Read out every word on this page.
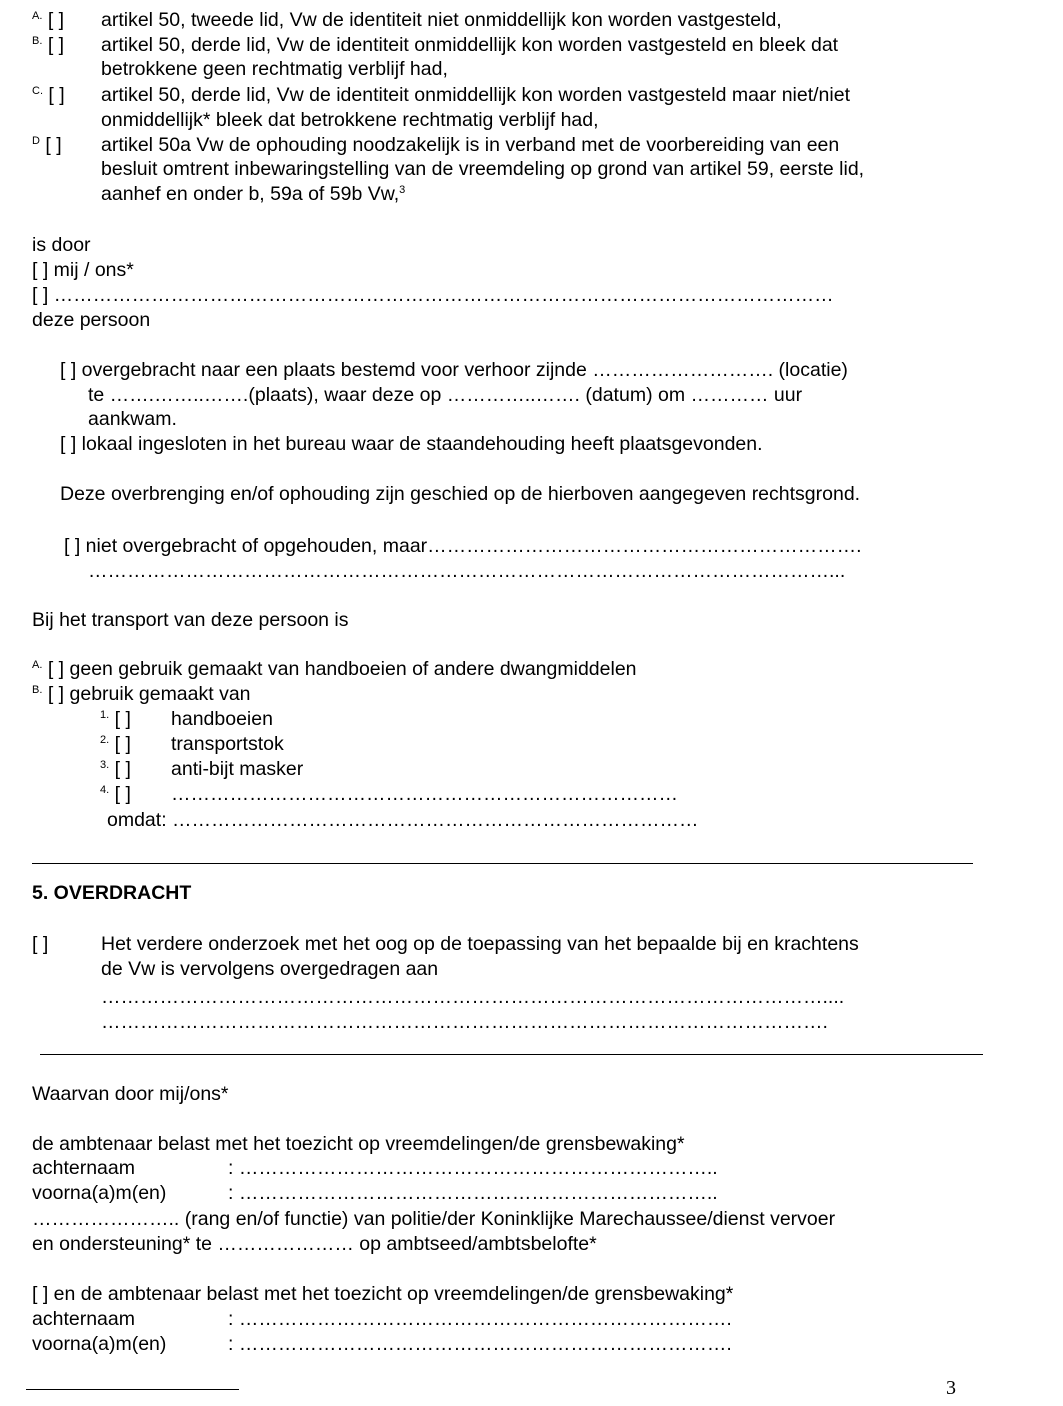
$^{A.}$ [ ] artikel 50, tweede lid, Vw de identiteit niet onmiddellijk kon worden vastgesteld,
$^{B.}$ [ ] artikel 50, derde lid, Vw de identiteit onmiddellijk kon worden vastgesteld en bleek dat
betrokkene geen rechtmatig verblijf had,
$^{C.}$ [ ] artikel 50, derde lid, Vw de identiteit onmiddellijk kon worden vastgesteld maar niet/niet
onmiddellijk* bleek dat betrokkene rechtmatig verblijf had,
$^D$ [ ] artikel 50a Vw de ophouding noodzakelijk is in verband met de voorbereiding van een
besluit omtrent inbewaringstelling van de vreemdeling op grond van artikel 59, eerste lid,
aanhef en onder b, 59a of 59b Vw,$^3$
is door
[ ] mij / ons*
[ ] …………………………………………………………………………………………………………
deze persoon
[ ] overgebracht naar een plaats bestemd voor verhoor zijnde ………………………. (locatie)
te …….……..…….(plaats), waar deze op …………..……. (datum) om ………… uur
aankwam.
[ ] lokaal ingesloten in het bureau waar de staandehouding heeft plaatsgevonden.
Deze overbrenging en/of ophouding zijn geschied op de hierboven aangegeven rechtsgrond.
[ ] niet overgebracht of opgehouden, maar………………………………………………………….
……………………………………………………………………………………………………...
Bij het transport van deze persoon is
$^{A.}$ [ ] geen gebruik gemaakt van handboeien of andere dwangmiddelen
$^{B.}$ [ ] gebruik gemaakt van
$^{1.}$ [ ] handboeien
$^{2.}$ [ ] transportstok
$^{3.}$ [ ] anti-bijt masker
$^{4.}$ [ ] ……………………………………………………………………
omdat: ………………………………………………………………………
5. OVERDRACHT
[ ]	Het verdere onderzoek met het oog op de toepassing van het bepaalde bij en krachtens
de Vw is vervolgens overgedragen aan
…………………………………………………………………………………………………....
………………………………………………………………………………………………….
Waarvan door mij/ons*
de ambtenaar belast met het toezicht op vreemdelingen/de grensbewaking*
achternaam	: ………………………………………………………………..
voorna(a)m(en)	: ………………………………………………………………..
………………….. (rang en/of functie) van politie/der Koninklijke Marechaussee/dienst vervoer
en ondersteuning* te ………………… op ambtseed/ambtsbelofte*
[ ] en de ambtenaar belast met het toezicht op vreemdelingen/de grensbewaking*
achternaam	: ………………………………………………………………….
voorna(a)m(en)	: ………………………………………………………………….
3
